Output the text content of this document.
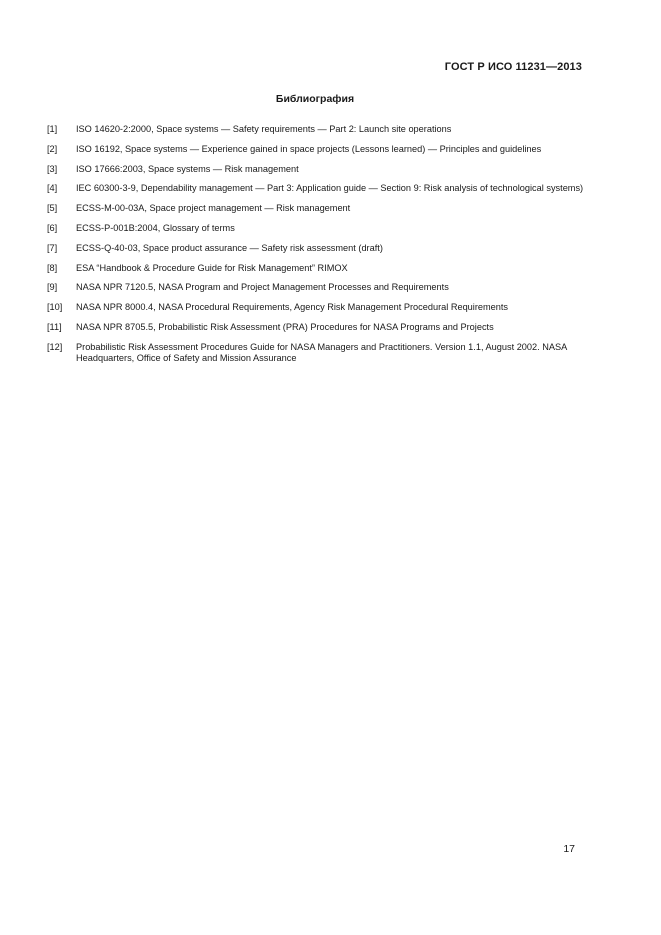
ГОСТ Р ИСО 11231—2013
Библиография
[1]	ISO 14620-2:2000, Space systems — Safety requirements — Part 2: Launch site operations
[2]	ISO 16192, Space systems — Experience gained in space projects (Lessons learned) — Principles and guidelines
[3]	ISO 17666:2003, Space systems — Risk management
[4]	IEC 60300-3-9, Dependability management — Part 3: Application guide — Section 9: Risk analysis of technological systems)
[5]	ECSS-M-00-03A, Space project management — Risk management
[6]	ECSS-P-001B:2004, Glossary of terms
[7]	ECSS-Q-40-03, Space product assurance — Safety risk assessment (draft)
[8]	ESA “Handbook & Procedure Guide for Risk Management” RIMOX
[9]	NASA NPR 7120.5, NASA Program and Project Management Processes and Requirements
[10]	NASA NPR 8000.4, NASA Procedural Requirements, Agency Risk Management Procedural Requirements
[11]	NASA NPR 8705.5, Probabilistic Risk Assessment (PRA) Procedures for NASA Programs and Projects
[12]	Probabilistic Risk Assessment Procedures Guide for NASA Managers and Practitioners. Version 1.1, August 2002. NASA Headquarters, Office of Safety and Mission Assurance
17
